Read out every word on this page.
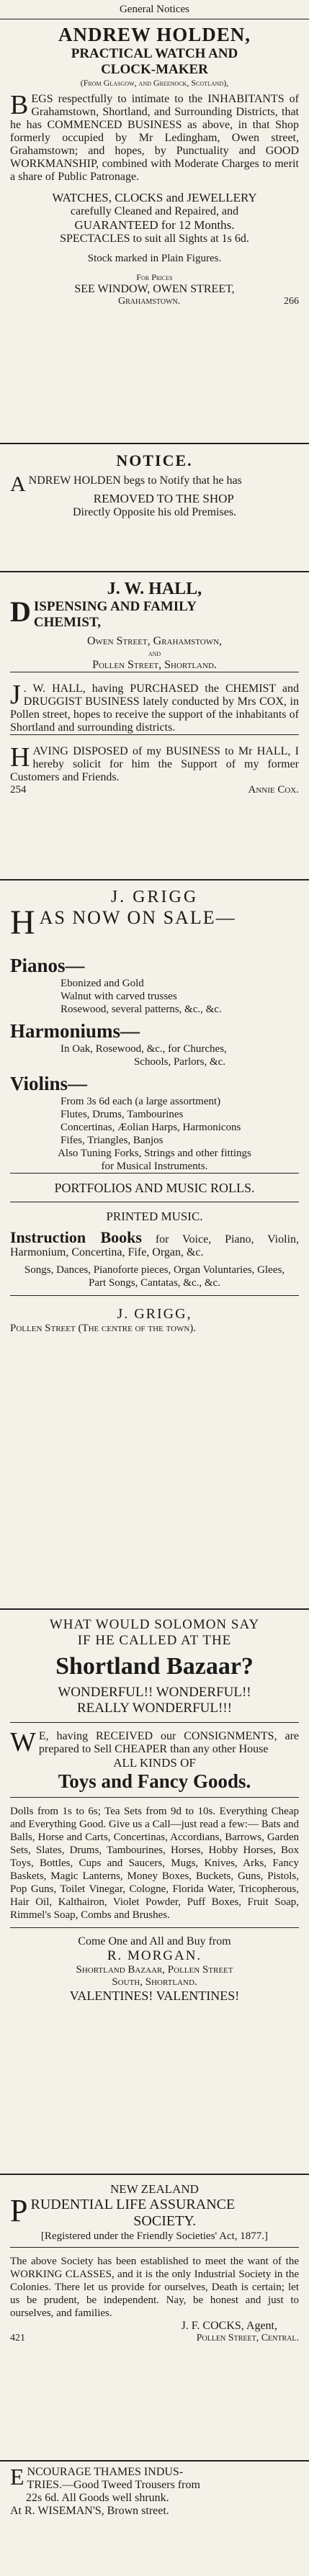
General Notices
ANDREW HOLDEN,
PRACTICAL WATCH AND
CLOCK-MAKER
(From Glasgow, and Greenock, Scotland),
B EGS respectfully to intimate to the INHABITANTS of Grahamstown, Shortland, and Surrounding Districts, that he has COMMENCED BUSINESS as above, in that Shop formerly occupied by Mr Ledingham, Owen street, Grahamstown; and hopes, by Punctuality and GOOD WORKMANSHIP, combined with Moderate Charges to merit a share of Public Patronage.
WATCHES, CLOCKS and JEWELLERY
carefully Cleaned and Repaired, and
GUARANTEED for 12 Months.
SPECTACLES to suit all Sights at 1s 6d.
Stock marked in Plain Figures.
For Prices
SEE WINDOW, OWEN STREET,
Grahamstown.	266
NOTICE.
A NDREW HOLDEN begs to Notify that he has
REMOVED TO THE SHOP
Directly Opposite his old Premises.
J. W. HALL,
D ISPENSING AND FAMILY
CHEMIST,
Owen Street, Grahamstown,
and
Pollen Street, Shortland.
J . W. HALL, having PURCHASED the CHEMIST and DRUGGIST BUSINESS lately conducted by Mrs COX, in Pollen street, hopes to receive the support of the inhabitants of Shortland and surrounding districts.
H AVING DISPOSED of my BUSINESS to Mr HALL, I hereby solicit for him the Support of my former Customers and Friends.
254	Annie Cox.
J. GRIGG
H AS NOW ON SALE—
Pianos—
Ebonized and Gold
Walnut with carved trusses
Rosewood, several patterns, &c., &c.
Harmoniums—
In Oak, Rosewood, &c., for Churches,
Schools, Parlors, &c.
Violins—
From 3s 6d each (a large assortment)
Flutes, Drums, Tambourines
Concertinas, Æolian Harps, Harmonicons
Fifes, Triangles, Banjos
Also Tuning Forks, Strings and other fittings
for Musical Instruments.
PORTFOLIOS AND MUSIC ROLLS.
PRINTED MUSIC.
Instruction Books for Voice, Piano, Violin, Harmonium, Concertina, Fife, Organ, &c.
Songs, Dances, Pianoforte pieces, Organ Voluntaries, Glees, Part Songs, Cantatas, &c., &c.
J. GRIGG,
Pollen Street (The centre of the town).
WHAT WOULD SOLOMON SAY
IF HE CALLED AT THE
Shortland Bazaar?
WONDERFUL!! WONDERFUL!!
REALLY WONDERFUL!!!
W E, having RECEIVED our CONSIGNMENTS, are prepared to Sell CHEAPER than any other House
ALL KINDS OF
Toys and Fancy Goods.
Dolls from 1s to 6s; Tea Sets from 9d to 10s. Everything Cheap and Everything Good. Give us a Call—just read a few:— Bats and Balls, Horse and Carts, Concertinas, Accordians, Barrows, Garden Sets, Slates, Drums, Tambourines, Horses, Hobby Horses, Box Toys, Bottles, Cups and Saucers, Mugs, Knives, Arks, Fancy Baskets, Magic Lanterns, Money Boxes, Buckets, Guns, Pistols, Pop Guns, Toilet Vinegar, Cologne, Florida Water, Tricopherous, Hair Oil, Kalthairon, Violet Powder, Puff Boxes, Fruit Soap, Rimmel's Soap, Combs and Brushes.
Come One and All and Buy from
R. MORGAN.
Shortland Bazaar, Pollen Street
South, Shortland.
VALENTINES! VALENTINES!
NEW ZEALAND
P RUDENTIAL LIFE ASSURANCE
SOCIETY.
[Registered under the Friendly Societies' Act, 1877.]
The above Society has been established to meet the want of the WORKING CLASSES, and it is the only Industrial Society in the Colonies. There let us provide for ourselves, Death is certain; let us be prudent, be independent. Nay, be honest and just to ourselves, and families.
J. F. COCKS, Agent,
421	Pollen Street, Central.
E NCOURAGE THAMES INDUS-
TRIES.—Good Tweed Trousers from
22s 6d. All Goods well shrunk.
At R. WISEMAN'S, Brown street.
